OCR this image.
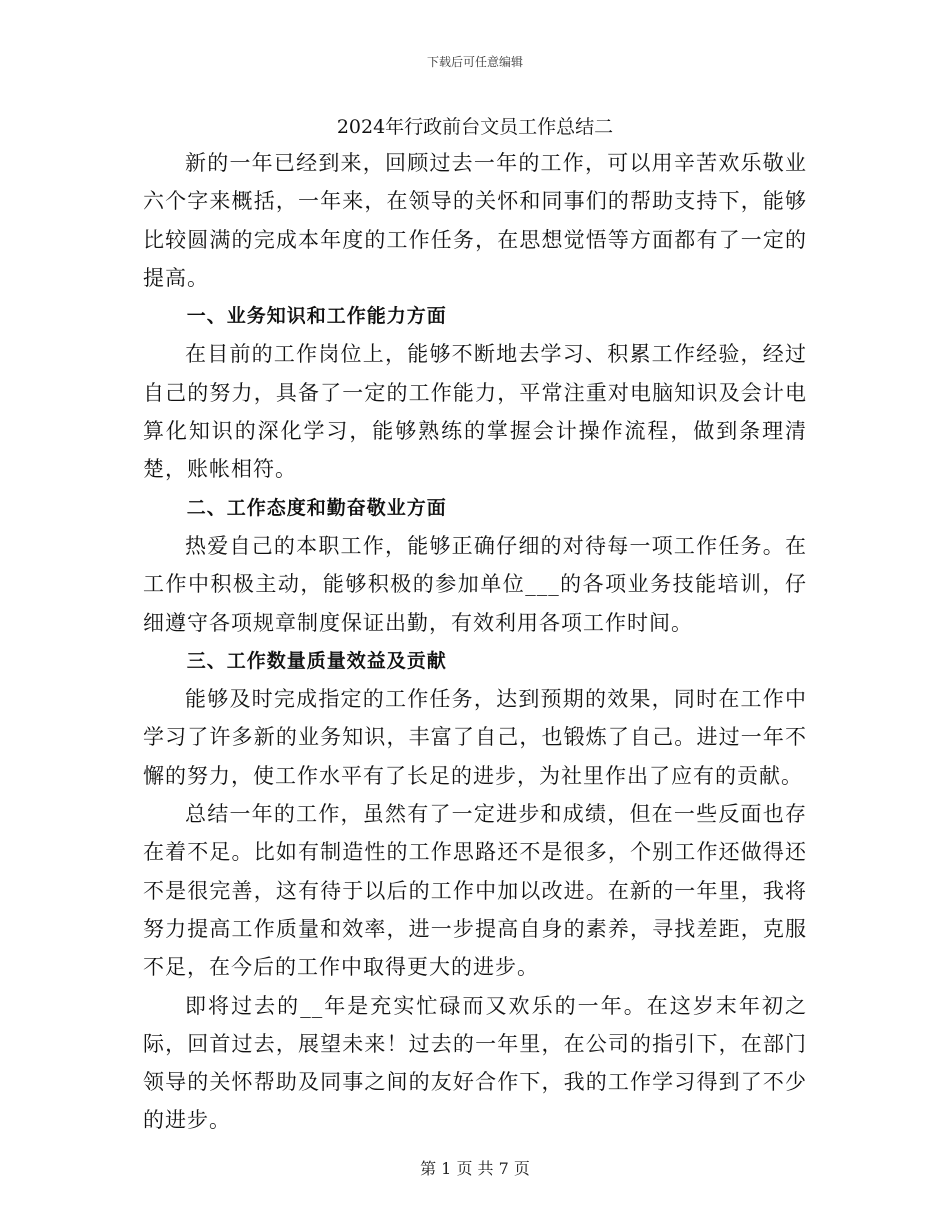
下载后可任意编辑
2024年行政前台文员工作总结二

新的一年已经到来，回顾过去一年的工作，可以用辛苦欢乐敬业六个字来概括，一年来，在领导的关怀和同事们的帮助支持下，能够比较圆满的完成本年度的工作任务，在思想觉悟等方面都有了一定的提高。

一、业务知识和工作能力方面

在目前的工作岗位上，能够不断地去学习、积累工作经验，经过自己的努力，具备了一定的工作能力，平常注重对电脑知识及会计电算化知识的深化学习，能够熟练的掌握会计操作流程，做到条理清楚，账帐相符。

二、工作态度和勤奋敬业方面

热爱自己的本职工作，能够正确仔细的对待每一项工作任务。在工作中积极主动，能够积极的参加单位___的各项业务技能培训，仔细遵守各项规章制度保证出勤，有效利用各项工作时间。

三、工作数量质量效益及贡献

能够及时完成指定的工作任务，达到预期的效果，同时在工作中学习了许多新的业务知识，丰富了自己，也锻炼了自己。进过一年不懈的努力，使工作水平有了长足的进步，为社里作出了应有的贡献。

总结一年的工作，虽然有了一定进步和成绩，但在一些反面也存在着不足。比如有制造性的工作思路还不是很多，个别工作还做得还不是很完善，这有待于以后的工作中加以改进。在新的一年里，我将努力提高工作质量和效率，进一步提高自身的素养，寻找差距，克服不足，在今后的工作中取得更大的进步。

即将过去的__年是充实忙碌而又欢乐的一年。在这岁末年初之际，回首过去，展望未来！过去的一年里，在公司的指引下，在部门领导的关怀帮助及同事之间的友好合作下，我的工作学习得到了不少的进步。

第 1 页 共 7 页
